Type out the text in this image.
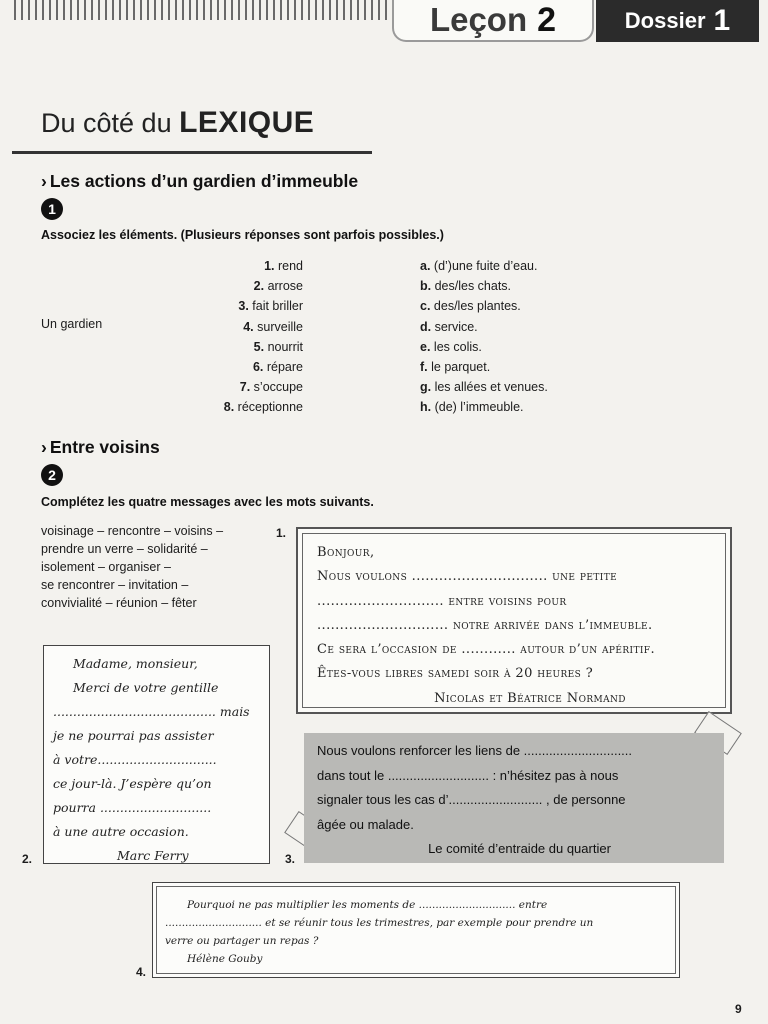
Leçon 2	Dossier 1
Du côté du LEXIQUE
› Les actions d’un gardien d’immeuble
1
Associez les éléments. (Plusieurs réponses sont parfois possibles.)
Un gardien
1. rend
2. arrose
3. fait briller
4. surveille
5. nourrit
6. répare
7. s’occupe
8. réceptionne
a. (d’)une fuite d’eau.
b. des/les chats.
c. des/les plantes.
d. service.
e. les colis.
f. le parquet.
g. les allées et venues.
h. (de) l’immeuble.
› Entre voisins
2
Complétez les quatre messages avec les mots suivants.
voisinage – rencontre – voisins –
prendre un verre – solidarité –
isolement – organiser –
se rencontrer – invitation –
convivialité – réunion – fêter
1.
Bonjour,
Nous voulons .............................. une petite
............................ entre voisins pour
............................. notre arrivée dans l’immeuble.
Ce sera l’occasion de ............ autour d’un apéritif.
Êtes-vous libres samedi soir à 20 heures ?
Nicolas et Béatrice Normand
Madame, monsieur,
Merci de votre gentille
......................................... mais
je ne pourrai pas assister
à votre..............................
ce jour-là. J’espère qu’on
pourra ............................
à une autre occasion.
Marc Ferry
2.
Nous voulons renforcer les liens de ..............................
dans tout le ............................ : n’hésitez pas à nous
signaler tous les cas d’.......................... , de personne
âgée ou malade.
Le comité d’entraide du quartier
3.
Pourquoi ne pas multiplier les moments de ............................. entre
............................. et se réunir tous les trimestres, par exemple pour prendre un
verre ou partager un repas ?
Hélène Gouby
4.
9
